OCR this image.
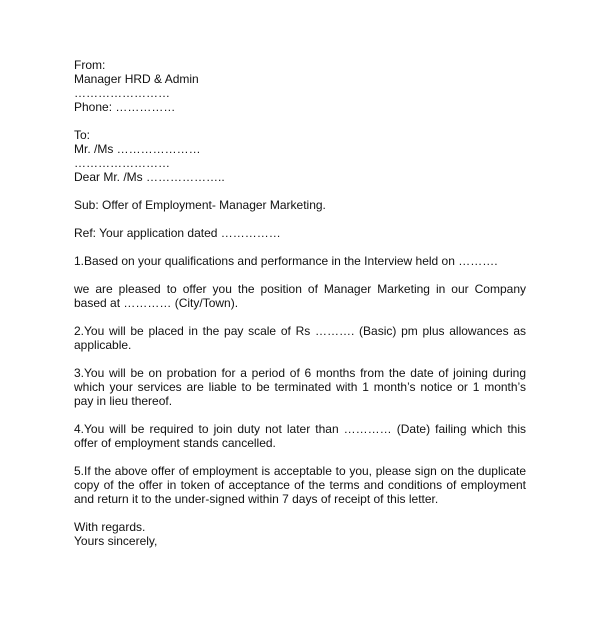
From:
Manager HRD & Admin
……………………
Phone: ……………
To:
Mr. /Ms …………………
……………………
Dear Mr. /Ms ………………..
Sub: Offer of Employment- Manager Marketing.
Ref: Your application dated ……………
1.Based on your qualifications and performance in the Interview held on ……….
we are pleased to offer you the position of Manager Marketing in our Company based at ………… (City/Town).
2.You will be placed in the pay scale of Rs ………. (Basic) pm plus allowances as applicable.
3.You will be on probation for a period of 6 months from the date of joining during which your services are liable to be terminated with 1 month’s notice or 1 month’s pay in lieu thereof.
4.You will be required to join duty not later than ………… (Date) failing which this offer of employment stands cancelled.
5.If the above offer of employment is acceptable to you, please sign on the duplicate copy of the offer in token of acceptance of the terms and conditions of employment and return it to the under-signed within 7 days of receipt of this letter.
With regards.
Yours sincerely,
